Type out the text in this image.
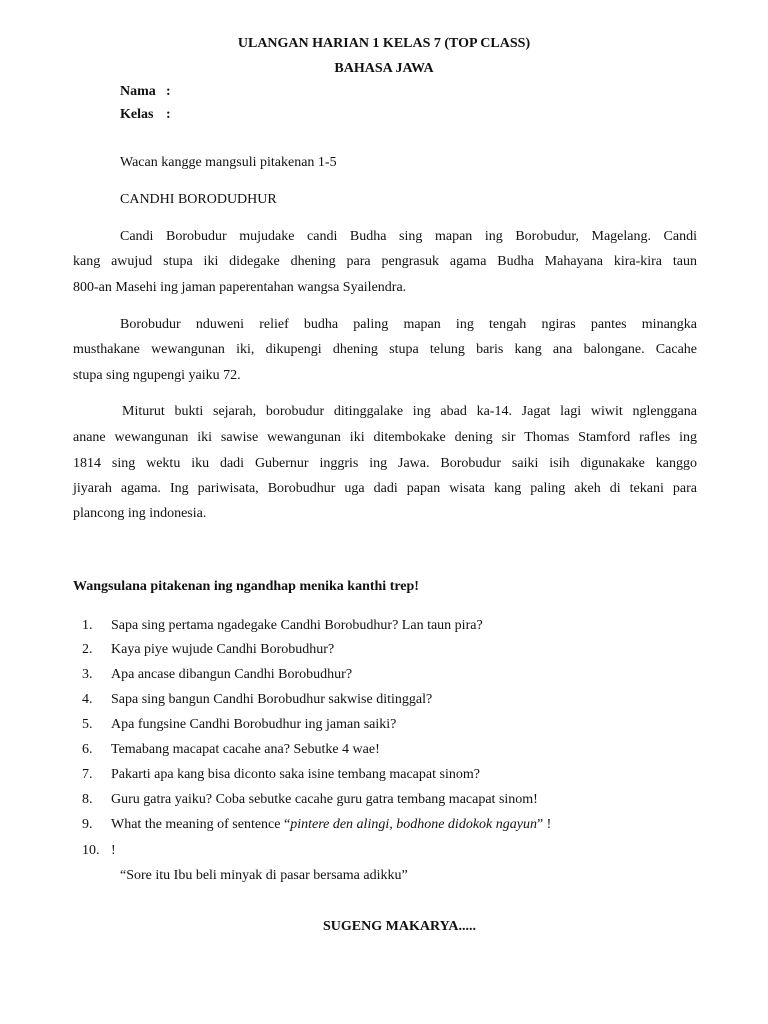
ULANGAN HARIAN 1 KELAS 7 (TOP CLASS)
BAHASA JAWA
Nama :
Kelas :
Wacan kangge mangsuli pitakenan 1-5
CANDHI BORODUDHUR
Candi Borobudur mujudake candi Budha sing mapan ing Borobudur, Magelang. Candi
kang awujud stupa iki didegake dhening para pengrasuk agama Budha Mahayana kira-kira taun
800-an Masehi ing jaman paperentahan wangsa Syailendra.
Borobudur nduweni relief budha paling mapan ing tengah ngiras pantes minangka
musthakane wewangunan iki, dikupengi dhening stupa telung baris kang ana balongane. Cacahe
stupa sing ngupengi yaiku 72.
Miturut bukti sejarah, borobudur ditinggalake ing abad ka-14. Jagat lagi wiwit nglenggana
anane wewangunan iki sawise wewangunan iki ditembokake dening sir Thomas Stamford rafles ing
1814 sing wektu iku dadi Gubernur inggris ing Jawa. Borobudur saiki isih digunakake kanggo
jiyarah agama. Ing pariwisata, Borobudhur uga dadi papan wisata kang paling akeh di tekani para
plancong ing indonesia.
Wangsulana pitakenan ing ngandhap menika kanthi trep!
1. Sapa sing pertama ngadegake Candhi Borobudhur? Lan taun pira?
2. Kaya piye wujude Candhi Borobudhur?
3. Apa ancase dibangun Candhi Borobudhur?
4. Sapa sing bangun Candhi Borobudhur sakwise ditinggal?
5. Apa fungsine Candhi Borobudhur ing jaman saiki?
6. Temabang macapat cacahe ana? Sebutke 4 wae!
7. Pakarti apa kang bisa diconto saka isine tembang macapat sinom?
8. Guru gatra yaiku? Coba sebutke cacahe guru gatra tembang macapat sinom!
9. What the meaning of sentence “pintere den alingi, bodhone didokok ngayun” !
10. !
“Sore itu Ibu beli minyak di pasar bersama adikku”
SUGENG MAKARYA.....
